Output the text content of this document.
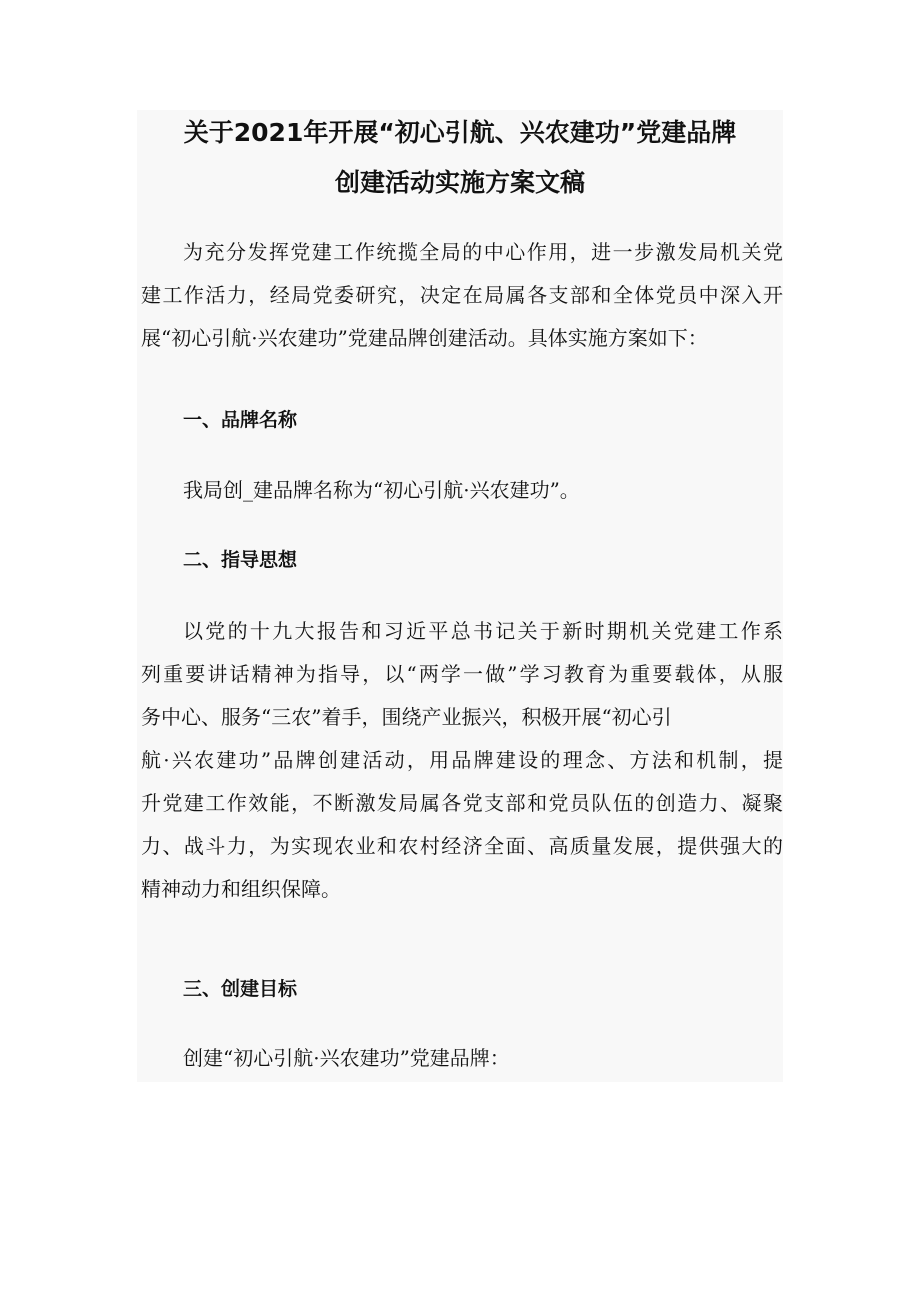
关于2021年开展“初心引航、兴农建功”党建品牌
创建活动实施方案文稿

为充分发挥党建工作统揽全局的中心作用，进一步激发局机关党
建工作活力，经局党委研究，决定在局属各支部和全体党员中深入开
展“初心引航·兴农建功”党建品牌创建活动。具体实施方案如下：

一、品牌名称

我局创_建品牌名称为“初心引航·兴农建功”。

二、指导思想

以党的十九大报告和习近平总书记关于新时期机关党建工作系
列重要讲话精神为指导，以“两学一做”学习教育为重要载体，从服
务中心、服务“三农”着手，围绕产业振兴，积极开展“初心引
航·兴农建功”品牌创建活动，用品牌建设的理念、方法和机制，提
升党建工作效能，不断激发局属各党支部和党员队伍的创造力、凝聚
力、战斗力，为实现农业和农村经济全面、高质量发展，提供强大的
精神动力和组织保障。

三、创建目标

创建“初心引航·兴农建功”党建品牌：
